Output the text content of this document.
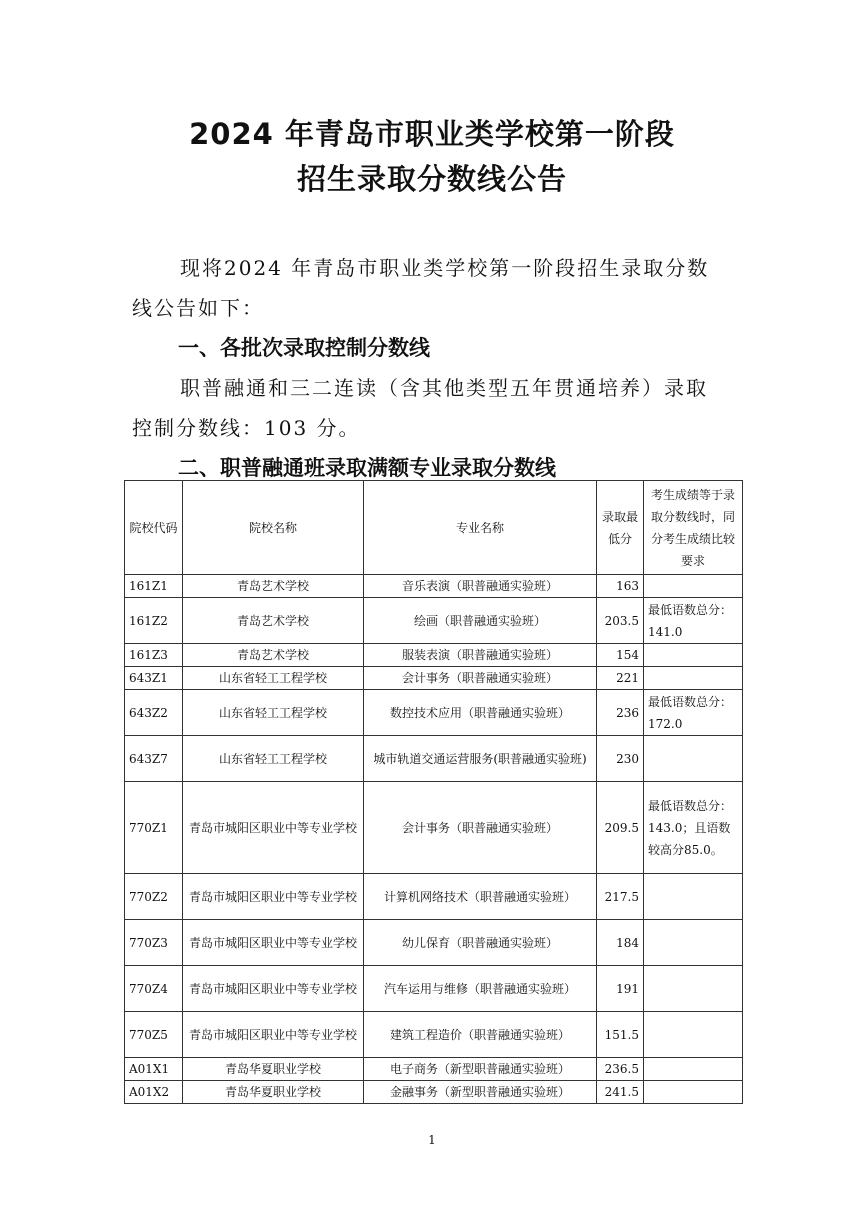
2024 年青岛市职业类学校第一阶段
招生录取分数线公告
现将2024 年青岛市职业类学校第一阶段招生录取分数
线公告如下：
一、各批次录取控制分数线
职普融通和三二连读（含其他类型五年贯通培养）录取
控制分数线：103 分。
二、职普融通班录取满额专业录取分数线
院校代码	院校名称	专业名称	录取最低分	考生成绩等于录取分数线时，同分考生成绩比较要求
161Z1	青岛艺术学校	音乐表演（职普融通实验班）	163	
161Z2	青岛艺术学校	绘画（职普融通实验班）	203.5	最低语数总分：141.0
161Z3	青岛艺术学校	服装表演（职普融通实验班）	154	
643Z1	山东省轻工工程学校	会计事务（职普融通实验班）	221	
643Z2	山东省轻工工程学校	数控技术应用（职普融通实验班）	236	最低语数总分：172.0
643Z7	山东省轻工工程学校	城市轨道交通运营服务(职普融通实验班)	230	
770Z1	青岛市城阳区职业中等专业学校	会计事务（职普融通实验班）	209.5	最低语数总分：143.0；且语数较高分85.0。
770Z2	青岛市城阳区职业中等专业学校	计算机网络技术（职普融通实验班）	217.5	
770Z3	青岛市城阳区职业中等专业学校	幼儿保育（职普融通实验班）	184	
770Z4	青岛市城阳区职业中等专业学校	汽车运用与维修（职普融通实验班）	191	
770Z5	青岛市城阳区职业中等专业学校	建筑工程造价（职普融通实验班）	151.5	
A01X1	青岛华夏职业学校	电子商务（新型职普融通实验班）	236.5	
A01X2	青岛华夏职业学校	金融事务（新型职普融通实验班）	241.5	
1
